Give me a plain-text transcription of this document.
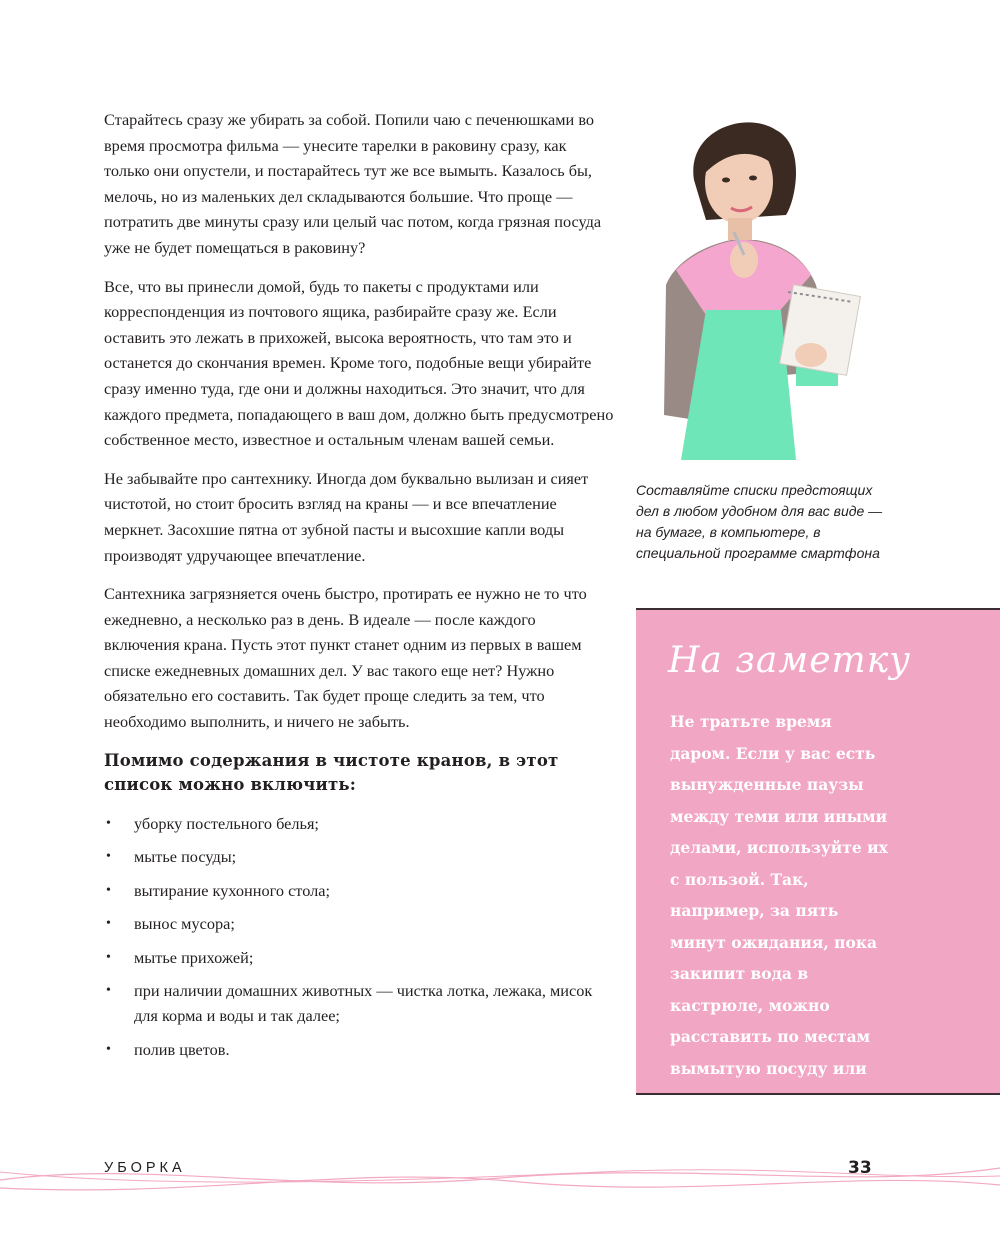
Старайтесь сразу же убирать за собой. Попили чаю с печенюшками во время просмотра фильма — унесите тарелки в раковину сразу, как только они опустели, и постарайтесь тут же все вымыть. Казалось бы, мелочь, но из маленьких дел складываются большие. Что проще — потратить две минуты сразу или целый час потом, когда грязная посуда уже не будет помещаться в раковину?

Все, что вы принесли домой, будь то пакеты с продуктами или корреспонденция из почтового ящика, разбирайте сразу же. Если оставить это лежать в прихожей, высока вероятность, что там это и останется до скончания времен. Кроме того, подобные вещи убирайте сразу именно туда, где они и должны находиться. Это значит, что для каждого предмета, попадающего в ваш дом, должно быть предусмотрено собственное место, известное и остальным членам вашей семьи.

Не забывайте про сантехнику. Иногда дом буквально вылизан и сияет чистотой, но стоит бросить взгляд на краны — и все впечатление меркнет. Засохшие пятна от зубной пасты и высохшие капли воды производят удручающее впечатление.

Сантехника загрязняется очень быстро, протирать ее нужно не то что ежедневно, а несколько раз в день. В идеале — после каждого включения крана. Пусть этот пункт станет одним из первых в вашем списке ежедневных домашних дел. У вас такого еще нет? Нужно обязательно его составить. Так будет проще следить за тем, что необходимо выполнить, и ничего не забыть.

Помимо содержания в чистоте кранов, в этот список можно включить:
• уборку постельного белья;
• мытье посуды;
• вытирание кухонного стола;
• вынос мусора;
• мытье прихожей;
• при наличии домашних животных — чистка лотка, лежака, мисок для корма и воды и так далее;
• полив цветов.
Составляйте списки предстоящих дел в любом удобном для вас виде — на бумаге, в компьютере, в специальной программе смартфона
На заметку
Не тратьте время даром. Если у вас есть вынужденные паузы между теми или иными делами, используйте их с пользой. Так, например, за пять минут ожидания, пока закипит вода в кастрюле, можно расставить по местам вымытую посуду или подмести пол.
УБОРКА	33
